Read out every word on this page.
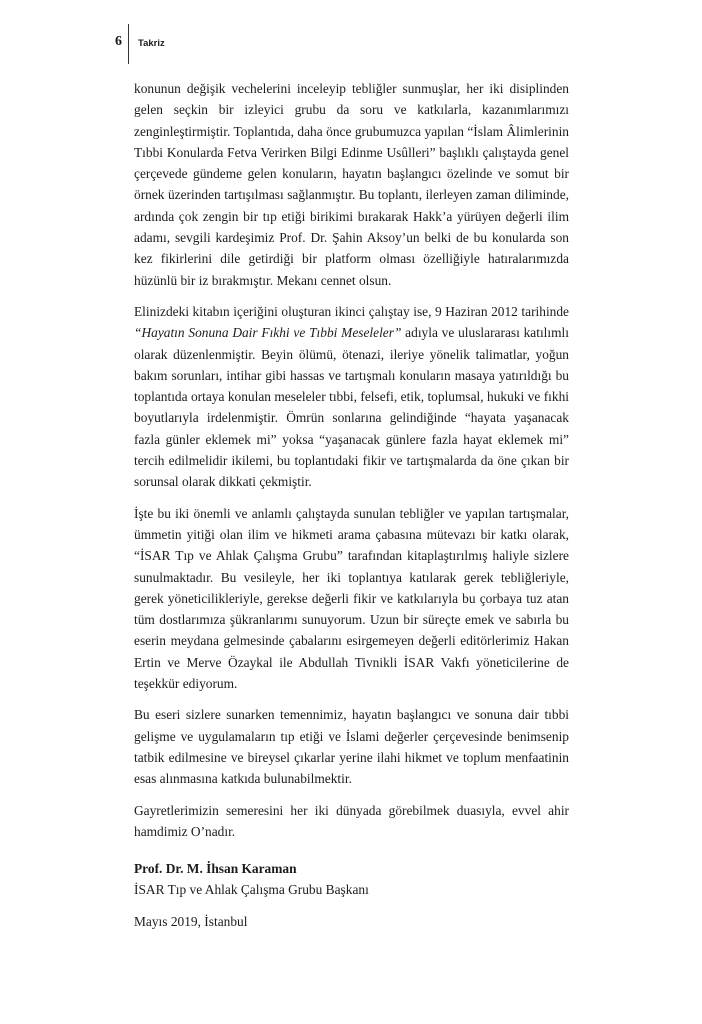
6 Takriz

konunun değişik vechelerini inceleyip tebliğler sunmuşlar, her iki disiplinden gelen seçkin bir izleyici grubu da soru ve katkılarla, kazanımlarımızı zenginleştirmiştir. Toplantıda, daha önce grubumuzca yapılan “İslam Âlimlerinin Tıbbi Konularda Fetva Verirken Bilgi Edinme Usûlleri” başlıklı çalıştayda genel çerçevede gündeme gelen konuların, hayatın başlangıcı özelinde ve somut bir örnek üzerinden tartışılması sağlanmıştır. Bu toplantı, ilerleyen zaman diliminde, ardında çok zengin bir tıp etiği birikimi bırakarak Hakk’a yürüyen değerli ilim adamı, sevgili kardeşimiz Prof. Dr. Şahin Aksoy’un belki de bu konularda son kez fikirlerini dile getirdiği bir platform olması özelliğiyle hatıralarımızda hüzünlü bir iz bırakmıştır. Mekanı cennet olsun.

Elinizdeki kitabın içeriğini oluşturan ikinci çalıştay ise, 9 Haziran 2012 tarihinde “Hayatın Sonuna Dair Fıkhi ve Tıbbi Meseleler” adıyla ve uluslararası katılımlı olarak düzenlenmiştir. Beyin ölümü, ötenazi, ileriye yönelik talimatlar, yoğun bakım sorunları, intihar gibi hassas ve tartışmalı konuların masaya yatırıldığı bu toplantıda ortaya konulan meseleler tıbbi, felsefi, etik, toplumsal, hukuki ve fıkhi boyutlarıyla irdelenmiştir. Ömrün sonlarına gelindiğinde “hayata yaşanacak fazla günler eklemek mi” yoksa “yaşanacak günlere fazla hayat eklemek mi” tercih edilmelidir ikilemi, bu toplantıdaki fikir ve tartışmalarda da öne çıkan bir sorunsal olarak dikkati çekmiştir.

İşte bu iki önemli ve anlamlı çalıştayda sunulan tebliğler ve yapılan tartışmalar, ümmetin yitiği olan ilim ve hikmeti arama çabasına mütevazı bir katkı olarak, “İSAR Tıp ve Ahlak Çalışma Grubu” tarafından kitaplaştırılmış haliyle sizlere sunulmaktadır. Bu vesileyle, her iki toplantıya katılarak gerek tebliğleriyle, gerek yöneticilikleriyle, gerekse değerli fikir ve katkılarıyla bu çorbaya tuz atan tüm dostlarımıza şükranlarımı sunuyorum. Uzun bir süreçte emek ve sabırla bu eserin meydana gelmesinde çabalarını esirgemeyen değerli editörlerimiz Hakan Ertin ve Merve Özaykal ile Abdullah Tivnikli İSAR Vakfı yöneticilerine de teşekkür ediyorum.

Bu eseri sizlere sunarken temennimiz, hayatın başlangıcı ve sonuna dair tıbbi gelişme ve uygulamaların tıp etiği ve İslami değerler çerçevesinde benimsenip tatbik edilmesine ve bireysel çıkarlar yerine ilahi hikmet ve toplum menfaatinin esas alınmasına katkıda bulunabilmektir.

Gayretlerimizin semeresini her iki dünyada görebilmek duasıyla, evvel ahir hamdimiz O’nadır.

Prof. Dr. M. İhsan Karaman
İSAR Tıp ve Ahlak Çalışma Grubu Başkanı
Mayıs 2019, İstanbul
